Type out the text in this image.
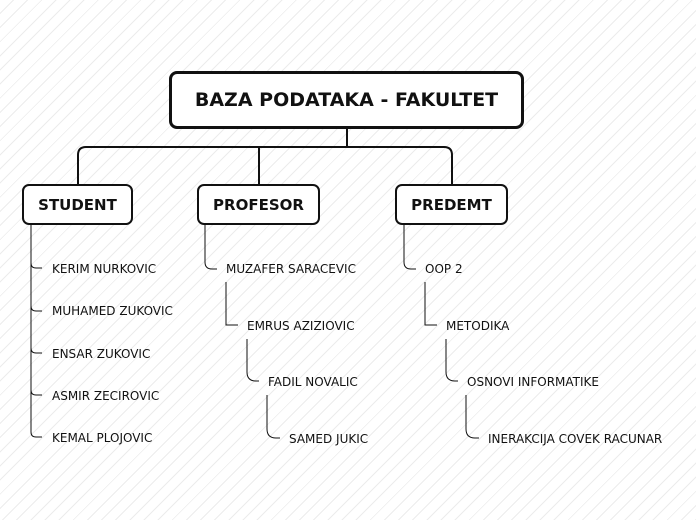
BAZA PODATAKA - FAKULTET
STUDENT	PROFESOR	PREDEMT
KERIM NURKOVIC
MUHAMED ZUKOVIC
ENSAR ZUKOVIC
ASMIR ZECIROVIC
KEMAL PLOJOVIC
MUZAFER SARACEVIC
EMRUS AZIZIOVIC
FADIL NOVALIC
SAMED JUKIC
OOP 2
METODIKA
OSNOVI INFORMATIKE
INERAKCIJA COVEK RACUNAR
